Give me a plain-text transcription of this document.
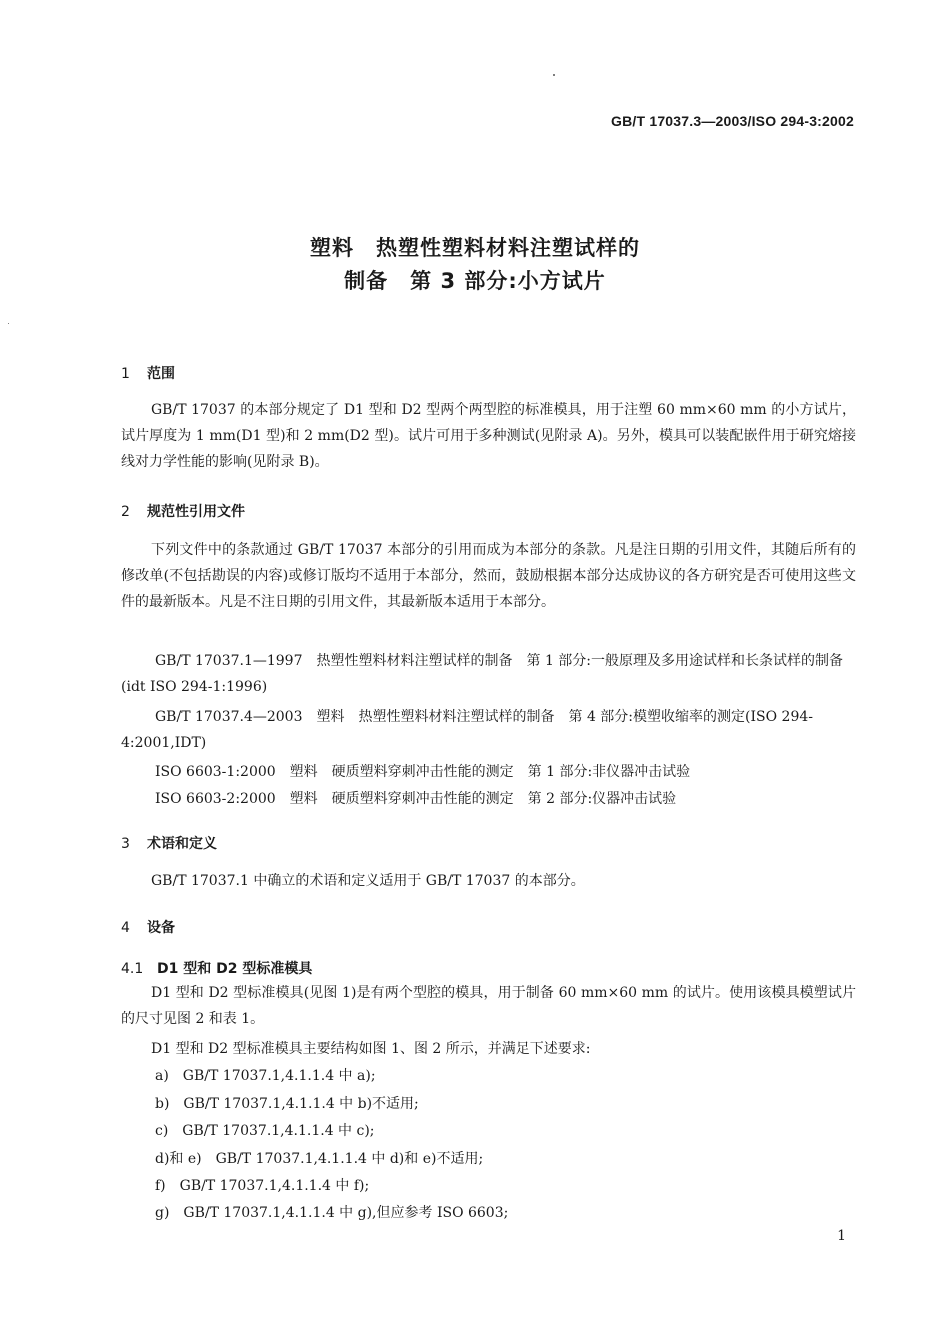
GB/T 17037.3—2003/ISO 294-3:2002
塑料　热塑性塑料材料注塑试样的
制备　第 3 部分:小方试片
1 范围
GB/T 17037 的本部分规定了 D1 型和 D2 型两个两型腔的标准模具，用于注塑 60 mm×60 mm 的小方试片，试片厚度为 1 mm(D1 型)和 2 mm(D2 型)。试片可用于多种测试(见附录 A)。另外，模具可以装配嵌件用于研究熔接线对力学性能的影响(见附录 B)。
2 规范性引用文件
下列文件中的条款通过 GB/T 17037 本部分的引用而成为本部分的条款。凡是注日期的引用文件，其随后所有的修改单(不包括勘误的内容)或修订版均不适用于本部分，然而，鼓励根据本部分达成协议的各方研究是否可使用这些文件的最新版本。凡是不注日期的引用文件，其最新版本适用于本部分。
GB/T 17037.1—1997　热塑性塑料材料注塑试样的制备　第 1 部分:一般原理及多用途试样和长条试样的制备(idt ISO 294-1:1996)
GB/T 17037.4—2003　塑料　热塑性塑料材料注塑试样的制备　第 4 部分:模塑收缩率的测定(ISO 294-4:2001,IDT)
ISO 6603-1:2000　塑料　硬质塑料穿刺冲击性能的测定　第 1 部分:非仪器冲击试验
ISO 6603-2:2000　塑料　硬质塑料穿刺冲击性能的测定　第 2 部分:仪器冲击试验
3 术语和定义
GB/T 17037.1 中确立的术语和定义适用于 GB/T 17037 的本部分。
4 设备
4.1 D1 型和 D2 型标准模具
D1 型和 D2 型标准模具(见图 1)是有两个型腔的模具，用于制备 60 mm×60 mm 的试片。使用该模具模塑试片的尺寸见图 2 和表 1。
D1 型和 D2 型标准模具主要结构如图 1、图 2 所示，并满足下述要求:
a)　GB/T 17037.1,4.1.1.4 中 a);
b)　GB/T 17037.1,4.1.1.4 中 b)不适用;
c)　GB/T 17037.1,4.1.1.4 中 c);
d)和 e)　GB/T 17037.1,4.1.1.4 中 d)和 e)不适用;
f)　GB/T 17037.1,4.1.1.4 中 f);
g)　GB/T 17037.1,4.1.1.4 中 g),但应参考 ISO 6603;
1
